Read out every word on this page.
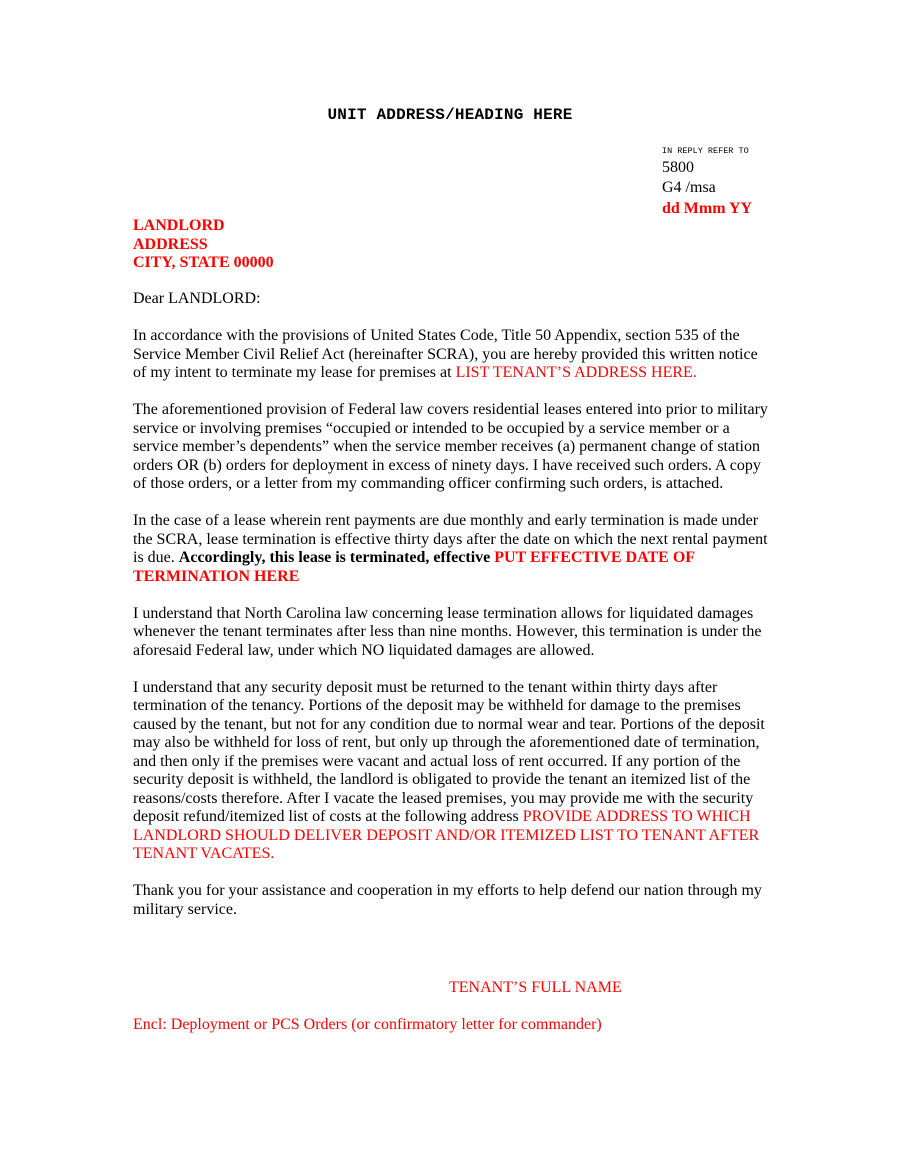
UNIT ADDRESS/HEADING HERE
IN REPLY REFER TO
5800
G4 /msa
dd Mmm YY
LANDLORD
ADDRESS
CITY, STATE 00000

Dear LANDLORD:

In accordance with the provisions of United States Code, Title 50 Appendix, section 535 of the Service Member Civil Relief Act (hereinafter SCRA), you are hereby provided this written notice of my intent to terminate my lease for premises at LIST TENANT’S ADDRESS HERE.

The aforementioned provision of Federal law covers residential leases entered into prior to military service or involving premises “occupied or intended to be occupied by a service member or a service member’s dependents” when the service member receives (a) permanent change of station orders OR (b) orders for deployment in excess of ninety days. I have received such orders. A copy of those orders, or a letter from my commanding officer confirming such orders, is attached.

In the case of a lease wherein rent payments are due monthly and early termination is made under the SCRA, lease termination is effective thirty days after the date on which the next rental payment is due. Accordingly, this lease is terminated, effective PUT EFFECTIVE DATE OF TERMINATION HERE

I understand that North Carolina law concerning lease termination allows for liquidated damages whenever the tenant terminates after less than nine months. However, this termination is under the aforesaid Federal law, under which NO liquidated damages are allowed.

I understand that any security deposit must be returned to the tenant within thirty days after termination of the tenancy. Portions of the deposit may be withheld for damage to the premises caused by the tenant, but not for any condition due to normal wear and tear. Portions of the deposit may also be withheld for loss of rent, but only up through the aforementioned date of termination, and then only if the premises were vacant and actual loss of rent occurred. If any portion of the security deposit is withheld, the landlord is obligated to provide the tenant an itemized list of the reasons/costs therefore. After I vacate the leased premises, you may provide me with the security deposit refund/itemized list of costs at the following address PROVIDE ADDRESS TO WHICH LANDLORD SHOULD DELIVER DEPOSIT AND/OR ITEMIZED LIST TO TENANT AFTER TENANT VACATES.

Thank you for your assistance and cooperation in my efforts to help defend our nation through my military service.

TENANT’S FULL NAME
Encl: Deployment or PCS Orders (or confirmatory letter for commander)
